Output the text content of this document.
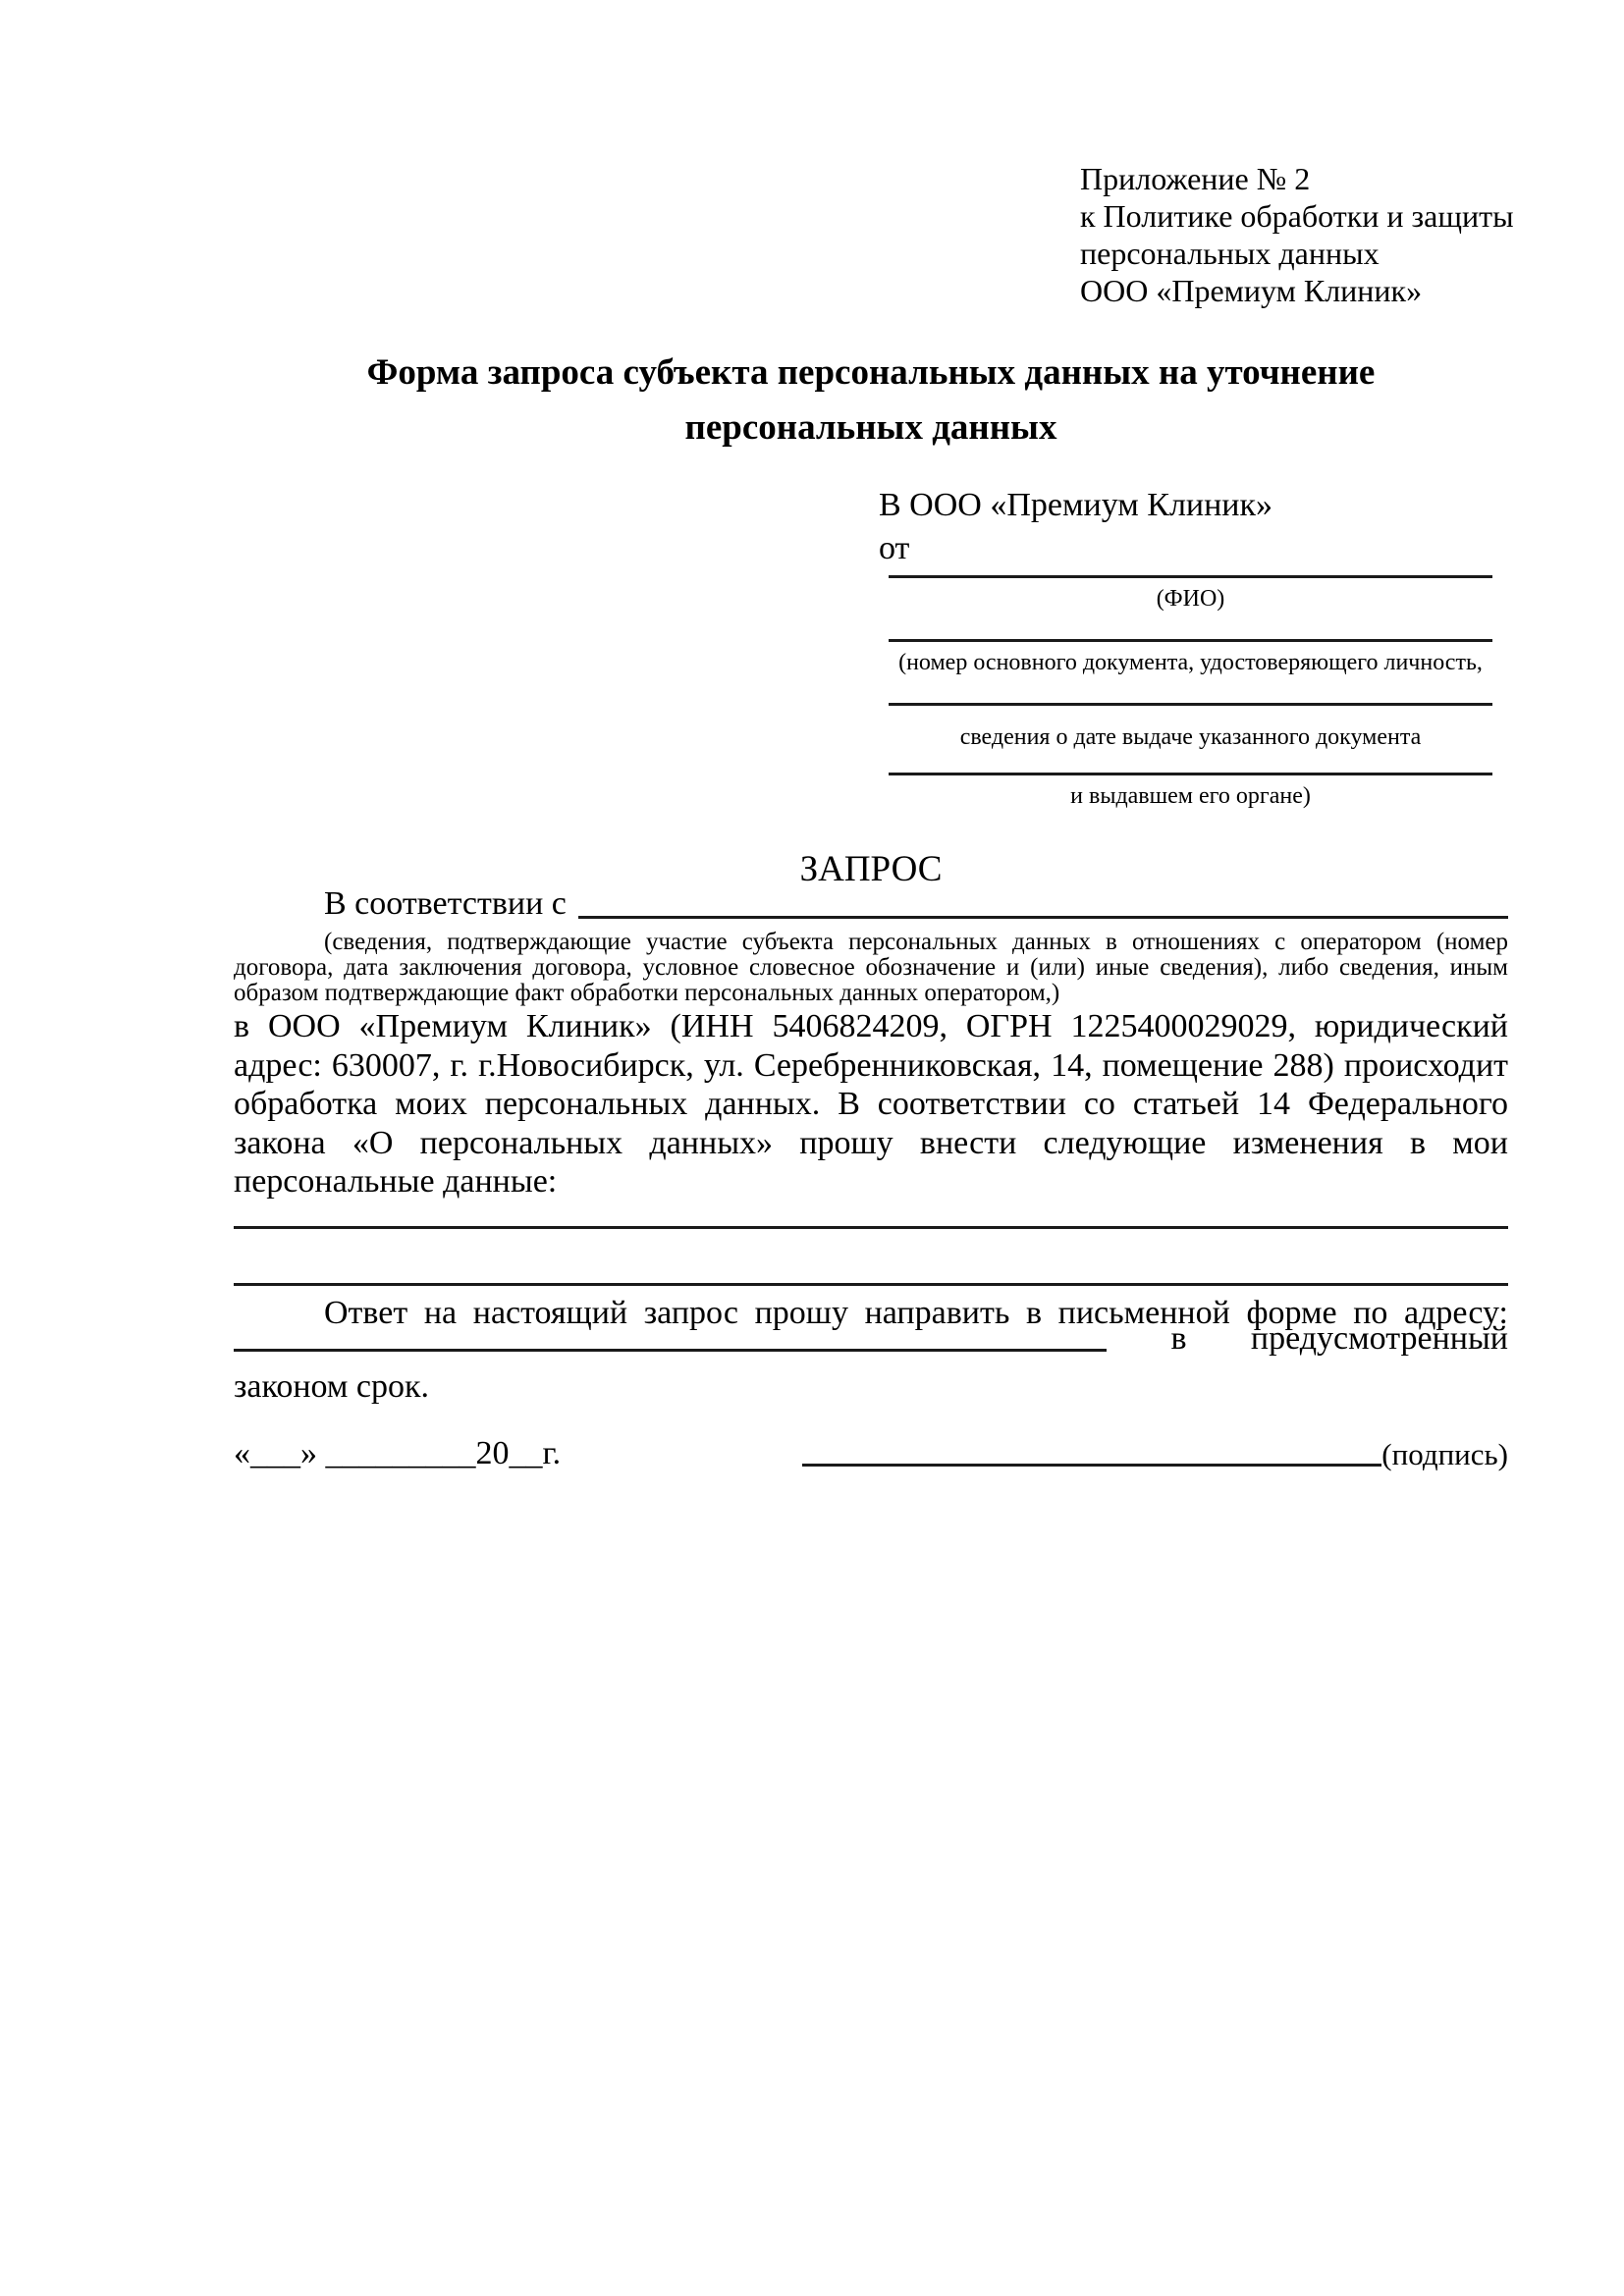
Приложение № 2
к Политике обработки и защиты
персональных данных
ООО «Премиум Клиник»
Форма запроса субъекта персональных данных на уточнение персональных данных
В ООО «Премиум Клиник»
от
(ФИО)
(номер основного документа, удостоверяющего личность,
сведения о дате выдаче указанного документа
и выдавшем его органе)
ЗАПРОС
В соответствии с
(сведения, подтверждающие участие субъекта персональных данных в отношениях с оператором (номер договора, дата заключения договора, условное словесное обозначение и (или) иные сведения), либо сведения, иным образом подтверждающие факт обработки персональных данных оператором,)
в ООО «Премиум Клиник» (ИНН 5406824209, ОГРН 1225400029029, юридический адрес: 630007, г. г.Новосибирск, ул. Серебренниковская, 14, помещение 288) происходит обработка моих персональных данных. В соответствии со статьей 14 Федерального закона «О персональных данных» прошу внести следующие изменения в мои персональные данные:
Ответ на настоящий запрос прошу направить в письменной форме по адресу:
в предусмотренный
законом срок.
«___» _________20__г.	(подпись)
